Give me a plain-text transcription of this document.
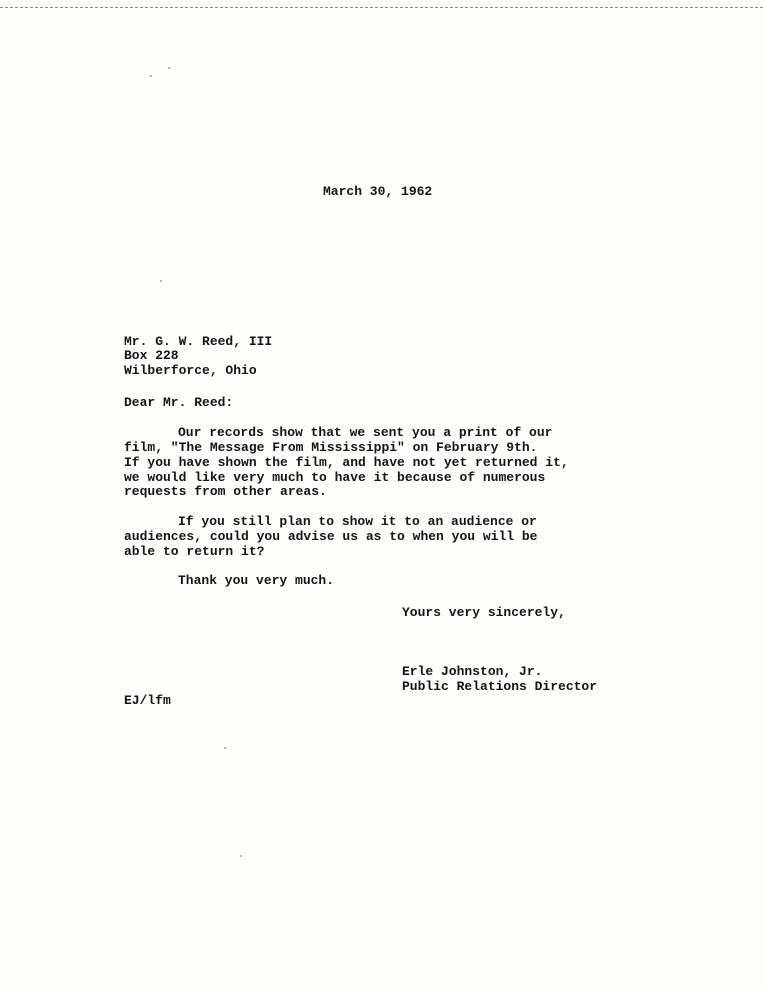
March 30, 1962
Mr. G. W. Reed, III
Box 228
Wilberforce, Ohio
Dear Mr. Reed:
Our records show that we sent you a print of our
film, "The Message From Mississippi" on February 9th.
If you have shown the film, and have not yet returned it,
we would like very much to have it because of numerous
requests from other areas.
If you still plan to show it to an audience or
audiences, could you advise us as to when you will be
able to return it?
Thank you very much.
Yours very sincerely,
Erle Johnston, Jr.
Public Relations Director
EJ/lfm
